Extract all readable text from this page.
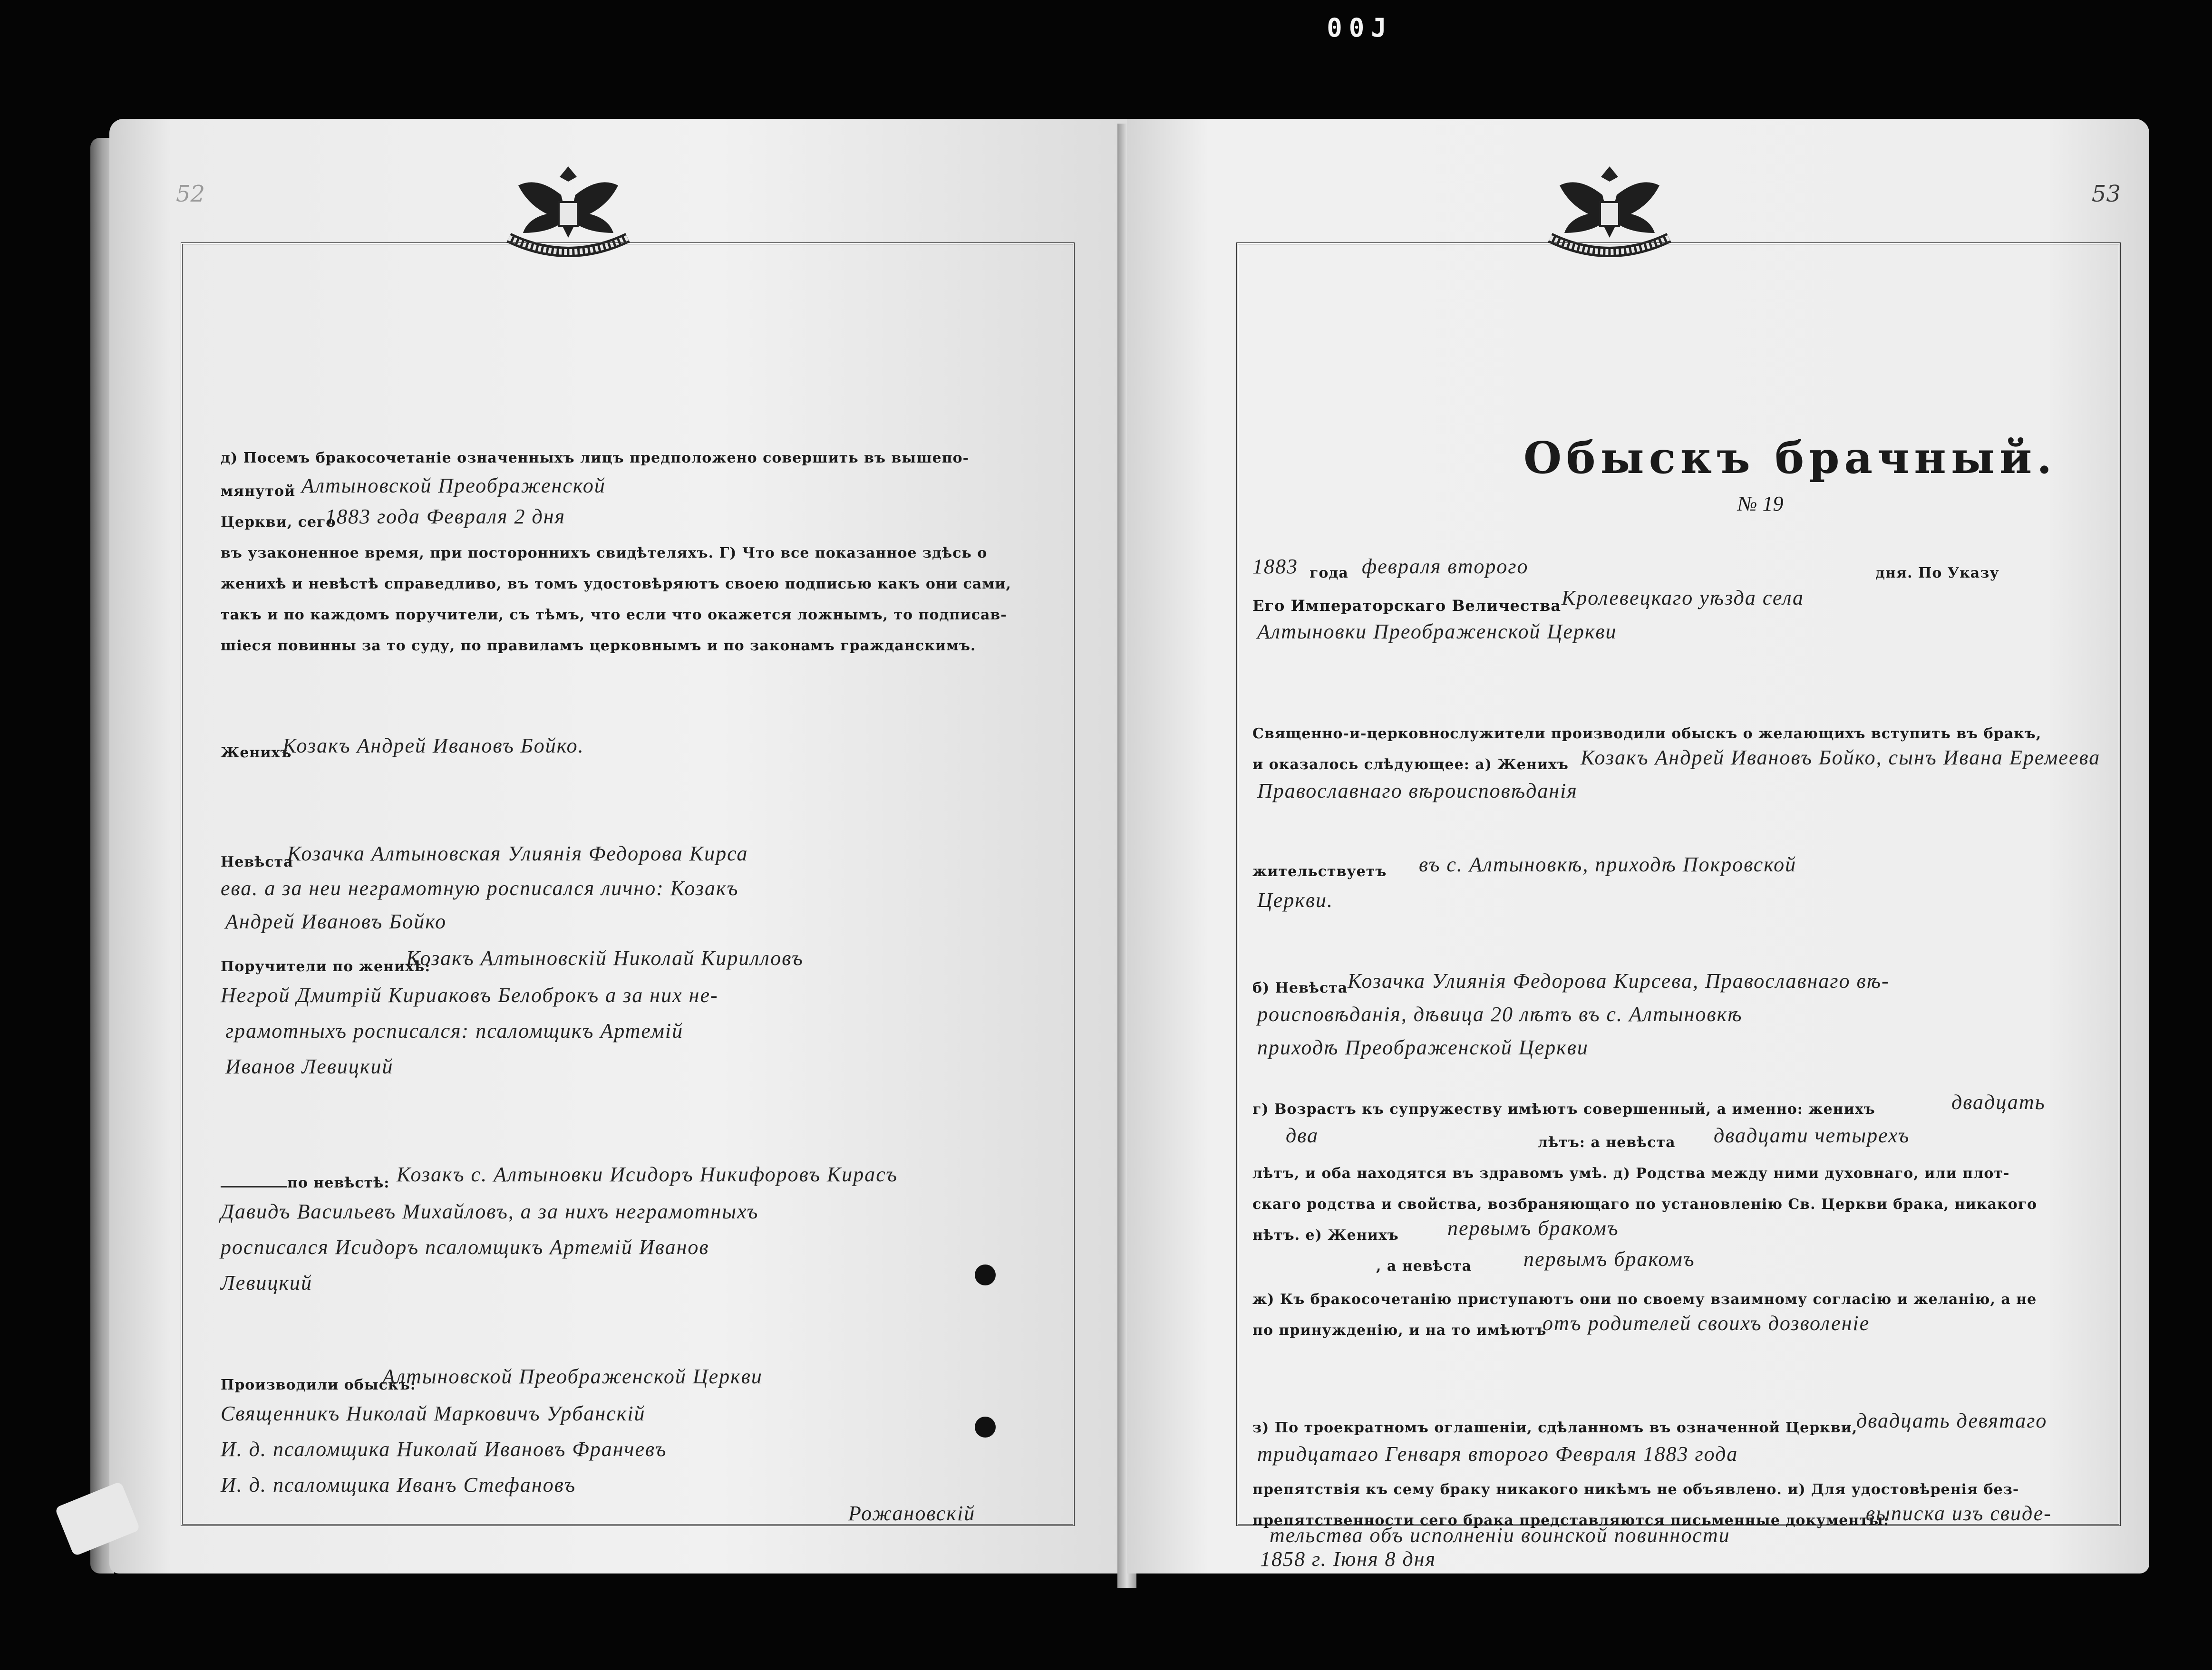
00J
52
д) Посемъ бракосочетаніе означенныхъ лицъ предположено совершить въ вышепо-
мянутой Алтыновской Преображенской
Церкви, сего
1883 года Февраля 2 дня
въ узаконенное время, при постороннихъ свидѣтеляхъ. Г) Что все показанное здѣсь о
женихѣ и невѣстѣ справедливо, въ томъ удостовѣряютъ своею подписью какъ они сами,
такъ и по каждомъ поручители, съ тѣмъ, что если что окажется ложнымъ, то подписав-
шіеся повинны за то суду, по правиламъ церковнымъ и по законамъ гражданскимъ.
Женихъ
Козакъ Андрей Ивановъ Бойко.
Невѣста
Козачка Алтыновская Улиянія Федорова Кирса
ева. а за неи неграмотную росписался лично: Козакъ
Андрей Ивановъ Бойко
Поручители по женихѣ:
Козакъ Алтыновскій Николай Кирилловъ
Негрой Дмитрій Кириаковъ Белоброкъ а за них не-
грамотныхъ росписался: псаломщикъ Артемій
Иванов Левицкий
по невѣстѣ: Козакъ с. Алтыновки Исидоръ Никифоровъ Кирасъ
Давидъ Васильевъ Михайловъ, а за нихъ неграмотныхъ
росписался Исидоръ псаломщикъ Артемій Иванов
Левицкий
Производили обыскъ:
Алтыновской Преображенской Церкви
Священникъ Николай Марковичъ Урбанскій
И. д. псаломщика Николай Ивановъ Франчевъ
И. д. псаломщика Иванъ Стефановъ
Рожановскій
53
Обыскъ брачный.
№ 19
1883 года февраля второго	дня. По Указу
Его Императорскаго Величества Кролевецкаго уѣзда села
Алтыновки Преображенской Церкви
Священно-и-церковнослужители производили обыскъ о желающихъ вступить въ бракъ,
и оказалось слѣдующее: а) Женихъ Козакъ Андрей Ивановъ Бойко, сынъ Ивана Еремеева
Православнаго вѣроисповѣданія
жительствуетъ въ с. Алтыновкѣ, приходѣ Покровской
Церкви.
б) Невѣста Козачка Улиянія Федорова Кирсева, Православнаго вѣ-
роисповѣданія, дѣвица 20 лѣтъ въ с. Алтыновкѣ
приходѣ Преображенской Церкви
г) Возрастъ къ супружеству имѣютъ совершенный, а именно: женихъ	двадцать
два	лѣтъ: а невѣста двадцати четырехъ
лѣтъ, и оба находятся въ здравомъ умѣ. д) Родства между ними духовнаго, или плот-
скаго родства и свойства, возбраняющаго по установленію Св. Церкви брака, никакого
нѣтъ. е) Женихъ первымъ бракомъ
, а невѣста первымъ бракомъ
ж) Къ бракосочетанію приступаютъ они по своему взаимному согласію и желанію, а не
по принужденію, и на то имѣютъ
отъ родителей своихъ дозволеніе
з) По троекратномъ оглашеніи, сдѣланномъ въ означенной Церкви,
двадцать девятаго
тридцатаго Генваря второго Февраля 1883 года
препятствія къ сему браку никакого никѣмъ не объявлено. и) Для удостовѣренія без-
препятственности сего брака представляются письменные документы:
выписка изъ свиде-
тельства объ исполненіи воинской повинности
1858 г. Іюня 8 дня
